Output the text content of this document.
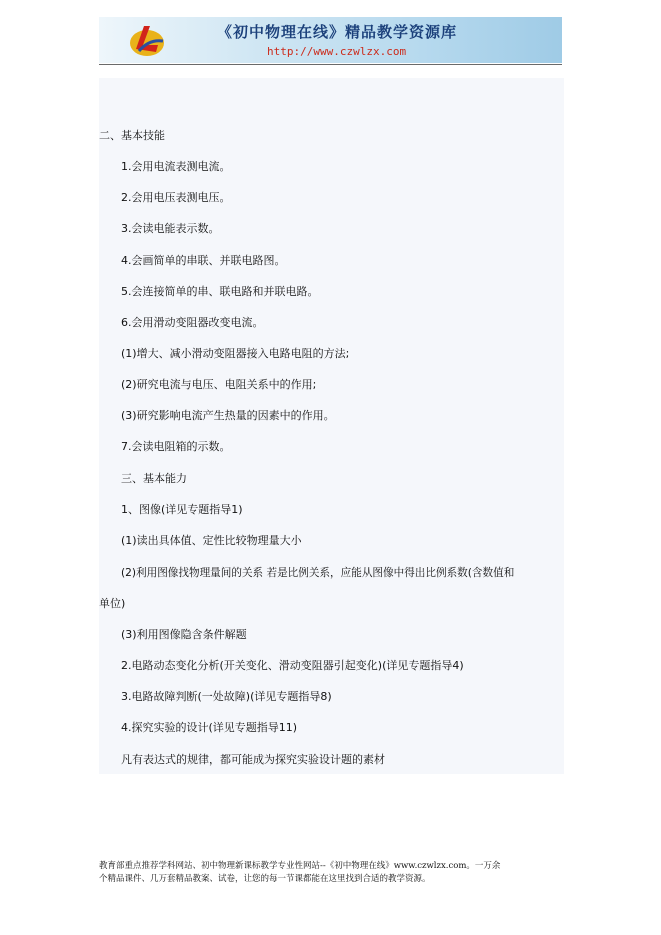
《初中物理在线》精品教学资源库
http://www.czwlzx.com
二、基本技能
1.会用电流表测电流。
2.会用电压表测电压。
3.会读电能表示数。
4.会画简单的串联、并联电路图。
5.会连接简单的串、联电路和并联电路。
6.会用滑动变阻器改变电流。
(1)增大、减小滑动变阻器接入电路电阻的方法;
(2)研究电流与电压、电阻关系中的作用;
(3)研究影响电流产生热量的因素中的作用。
7.会读电阻箱的示数。
三、基本能力
1、图像(详见专题指导1)
(1)读出具体值、定性比较物理量大小
(2)利用图像找物理量间的关系 若是比例关系，应能从图像中得出比例系数(含数值和
单位)
(3)利用图像隐含条件解题
2.电路动态变化分析(开关变化、滑动变阻器引起变化)(详见专题指导4)
3.电路故障判断(一处故障)(详见专题指导8)
4.探究实验的设计(详见专题指导11)
凡有表达式的规律，都可能成为探究实验设计题的素材
教育部重点推荐学科网站、初中物理新课标教学专业性网站--《初中物理在线》www.czwlzx.com。一万余
个精品课件、几万套精品教案、试卷，让您的每一节课都能在这里找到合适的教学资源。
